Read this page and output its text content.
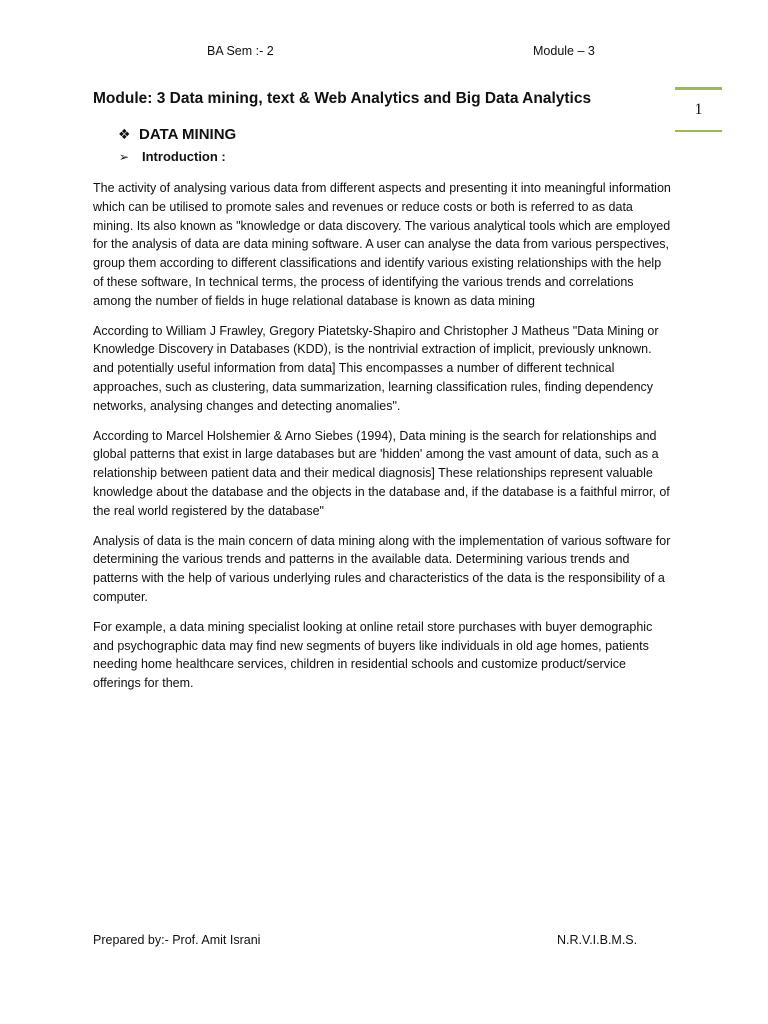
BA Sem :- 2	Module – 3
1
Module: 3 Data mining, text & Web Analytics and Big Data Analytics
❖ DATA MINING
➢ Introduction :

The activity of analysing various data from different aspects and presenting it into meaningful information which can be utilised to promote sales and revenues or reduce costs or both is referred to as data mining. Its also known as "knowledge or data discovery. The various analytical tools which are employed for the analysis of data are data mining software. A user can analyse the data from various perspectives, group them according to different classifications and identify various existing relationships with the help of these software, In technical terms, the process of identifying the various trends and correlations among the number of fields in huge relational database is known as data mining

According to William J Frawley, Gregory Piatetsky-Shapiro and Christopher J Matheus "Data Mining or Knowledge Discovery in Databases (KDD), is the nontrivial extraction of implicit, previously unknown. and potentially useful information from data] This encompasses a number of different technical approaches, such as clustering, data summarization, learning classification rules, finding dependency networks, analysing changes and detecting anomalies".

According to Marcel Holshemier & Arno Siebes (1994), Data mining is the search for relationships and global patterns that exist in large databases but are 'hidden' among the vast amount of data, such as a relationship between patient data and their medical diagnosis] These relationships represent valuable knowledge about the database and the objects in the database and, if the database is a faithful mirror, of the real world registered by the database"

Analysis of data is the main concern of data mining along with the implementation of various software for determining the various trends and patterns in the available data. Determining various trends and patterns with the help of various underlying rules and characteristics of the data is the responsibility of a computer.

For example, a data mining specialist looking at online retail store purchases with buyer demographic and psychographic data may find new segments of buyers like individuals in old age homes, patients needing home healthcare services, children in residential schools and customize product/service offerings for them.

Prepared by:- Prof. Amit Israni	N.R.V.I.B.M.S.
